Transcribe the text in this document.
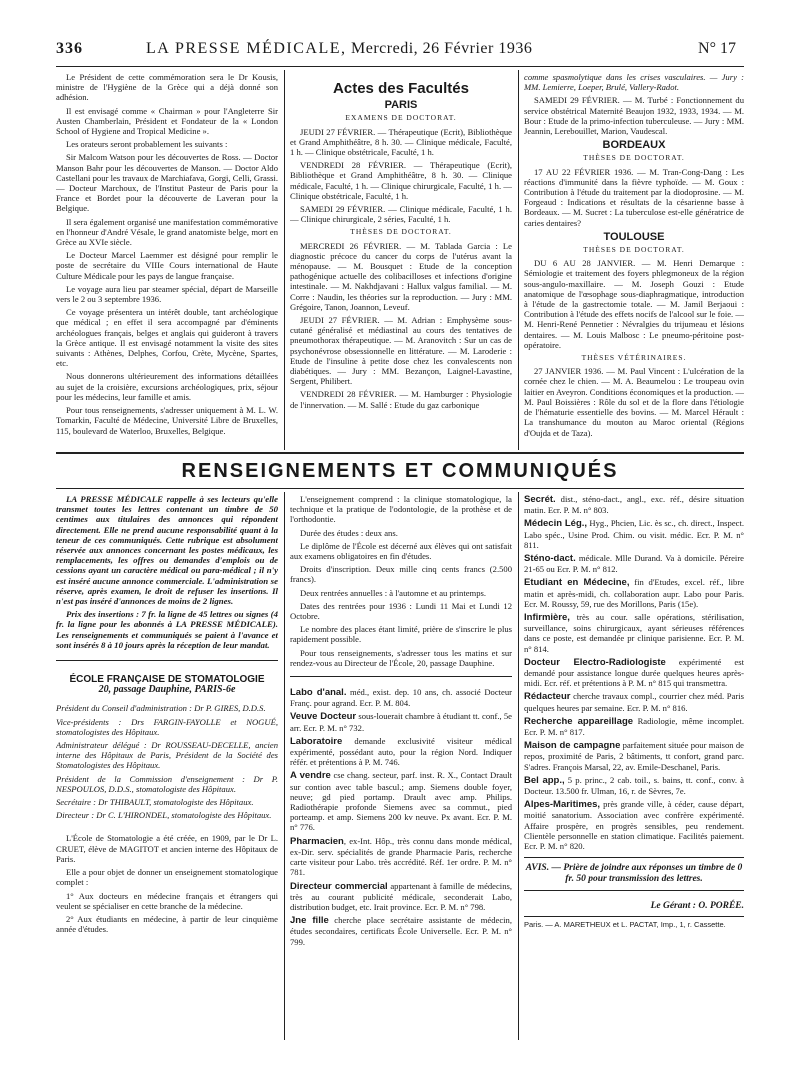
336	LA PRESSE MÉDICALE, Mercredi, 26 Février 1936	N° 17

Le Président de cette commémoration sera le Dr Kousis, ministre de l'Hygiène de la Grèce qui a déjà donné son adhésion.

Il est envisagé comme « Chairman » pour l'Angleterre Sir Austen Chamberlain, Président et Fondateur de la « London School of Hygiene and Tropical Medicine ».

Les orateurs seront probablement les suivants :

Sir Malcom Watson pour les découvertes de Ross. — Doctor Manson Bahr pour les découvertes de Manson. — Doctor Aldo Castellani pour les travaux de Marchiafava, Gorgi, Celli, Grassi. — Docteur Marchoux, de l'Institut Pasteur de Paris pour la France et Bordet pour la découverte de Laveran pour la Belgique.

Il sera également organisé une manifestation commémorative en l'honneur d'André Vésale, le grand anatomiste belge, mort en Grèce au XVIe siècle.

Le Docteur Marcel Laemmer est désigné pour remplir le poste de secrétaire du VIIIe Cours international de Haute Culture Médicale pour les pays de langue française.

Le voyage aura lieu par steamer spécial, départ de Marseille vers le 2 ou 3 septembre 1936.

Ce voyage présentera un intérêt double, tant archéologique que médical ; en effet il sera accompagné par d'éminents archéologues français, belges et anglais qui guideront à travers la Grèce antique. Il est envisagé notamment la visite des sites suivants : Athènes, Delphes, Corfou, Crète, Mycène, Spartes, etc.

Nous donnerons ultérieurement des informations détaillées au sujet de la croisière, excursions archéologiques, prix, séjour pour les médecins, leur famille et amis.

Pour tous renseignements, s'adresser uniquement à M. L. W. Tomarkin, Faculté de Médecine, Université Libre de Bruxelles, 115, boulevard de Waterloo, Bruxelles, Belgique.

Actes des Facultés
PARIS
EXAMENS DE DOCTORAT.

JEUDI 27 FÉVRIER. — Thérapeutique (Ecrit), Bibliothèque et Grand Amphithéâtre, 8 h. 30. — Clinique médicale, Faculté, 1 h. — Clinique obstétricale, Faculté, 1 h.

VENDREDI 28 FÉVRIER. — Thérapeutique (Ecrit), Bibliothèque et Grand Amphithéâtre, 8 h. 30. — Clinique médicale, Faculté, 1 h. — Clinique chirurgicale, Faculté, 1 h. — Clinique obstétricale, Faculté, 1 h.

SAMEDI 29 FÉVRIER. — Clinique médicale, Faculté, 1 h. — Clinique chirurgicale, 2 séries, Faculté, 1 h.

THÈSES DE DOCTORAT.

MERCREDI 26 FÉVRIER. — M. Tablada Garcia : Le diagnostic précoce du cancer du corps de l'utérus avant la ménopause. — M. Bousquet : Etude de la conception pathogénique actuelle des colibacilloses et infections d'origine intestinale. — M. Nakhdjavani : Hallux valgus familial. — M. Corre : Naudin, les théories sur la reproduction. — Jury : MM. Grégoire, Tanon, Joannon, Leveuf.

JEUDI 27 FÉVRIER. — M. Adrian : Emphysème sous-cutané généralisé et médiastinal au cours des tentatives de pneumothorax thérapeutique. — M. Aranovitch : Sur un cas de psychonévrose obsessionnelle en littérature. — M. Laroderie : Etude de l'insuline à petite dose chez les convalescents non diabétiques. — Jury : MM. Bezançon, Laignel-Lavastine, Sergent, Philibert.

VENDREDI 28 FÉVRIER. — M. Hamburger : Physiologie de l'innervation. — M. Sallé : Etude du gaz carbonique

comme spasmolytique dans les crises vasculaires. — Jury : MM. Lemierre, Loeper, Brulé, Vallery-Radot.

SAMEDI 29 FÉVRIER. — M. Turbé : Fonctionnement du service obstétrical Maternité Beaujon 1932, 1933, 1934. — M. Bour : Etude de la primo-infection tuberculeuse. — Jury : MM. Jeannin, Lerebouillet, Marion, Vaudescal.

BORDEAUX
THÈSES DE DOCTORAT.

17 AU 22 FÉVRIER 1936. — M. Tran-Cong-Dang : Les réactions d'immunité dans la fièvre typhoïde. — M. Goux : Contribution à l'étude du traitement par la diodoprosine. — M. Forgeaud : Indications et résultats de la césarienne basse à Bordeaux. — M. Sucret : La tuberculose est-elle génératrice de caries dentaires?

TOULOUSE
THÈSES DE DOCTORAT.

DU 6 AU 28 JANVIER. — M. Henri Demarque : Sémiologie et traitement des foyers phlegmoneux de la région sous-angulo-maxillaire. — M. Joseph Gouzi : Etude anatomique de l'œsophage sous-diaphragmatique, introduction à l'étude de la gastrectomie totale. — M. Jamil Berjaoui : Contribution à l'étude des effets nocifs de l'alcool sur le foie. — M. Henri-René Pennetier : Névralgies du trijumeau et lésions dentaires. — M. Louis Malbosc : Le pneumo-péritoine post-opératoire.

THÈSES VÉTÉRINAIRES.

27 JANVIER 1936. — M. Paul Vincent : L'ulcération de la cornée chez le chien. — M. A. Beaumelou : Le troupeau ovin laitier en Aveyron. Conditions économiques et la production. — M. Paul Boissières : Rôle du sol et de la flore dans l'étiologie de l'hématurie essentielle des bovins. — M. Marcel Hérault : La transhumance du mouton au Maroc oriental (Régions d'Oujda et de Taza).

RENSEIGNEMENTS ET COMMUNIQUÉS

LA PRESSE MÉDICALE rappelle à ses lecteurs qu'elle transmet toutes les lettres contenant un timbre de 50 centimes aux titulaires des annonces qui répondent directement. Elle ne prend aucune responsabilité quant à la teneur de ces communiqués. Cette rubrique est absolument réservée aux annonces concernant les postes médicaux, les remplacements, les offres ou demandes d'emplois ou de cessions ayant un caractère médical ou para-médical ; il n'y est inséré aucune annonce commerciale. L'administration se réserve, après examen, le droit de refuser les insertions. Il n'est pas inséré d'annonces de moins de 2 lignes.

Prix des insertions : 7 fr. la ligne de 45 lettres ou signes (4 fr. la ligne pour les abonnés à LA PRESSE MÉDICALE). Les renseignements et communiqués se paient à l'avance et sont insérés 8 à 10 jours après la réception de leur mandat.

ÉCOLE FRANÇAISE DE STOMATOLOGIE
20, passage Dauphine, PARIS-6e

Président du Conseil d'administration : Dr P. GIRES, D.D.S.

Vice-présidents : Drs FARGIN-FAYOLLE et NOGUÉ, stomatologistes des Hôpitaux.

Administrateur délégué : Dr ROUSSEAU-DECELLE, ancien interne des Hôpitaux de Paris, Président de la Société des Stomatologistes des Hôpitaux.

Président de la Commission d'enseignement : Dr P. NESPOULOS, D.D.S., stomatologiste des Hôpitaux.

Secrétaire : Dr THIBAULT, stomatologiste des Hôpitaux.

Directeur : Dr C. L'HIRONDEL, stomatologiste des Hôpitaux.

L'École de Stomatologie a été créée, en 1909, par le Dr L. CRUET, élève de MAGITOT et ancien interne des Hôpitaux de Paris.

Elle a pour objet de donner un enseignement stomatologique complet :

1° Aux docteurs en médecine français et étrangers qui veulent se spécialiser en cette branche de la médecine.

2° Aux étudiants en médecine, à partir de leur cinquième année d'études.

L'enseignement comprend : la clinique stomatologique, la technique et la pratique de l'odontologie, de la prothèse et de l'orthodontie.

Durée des études : deux ans.

Le diplôme de l'École est décerné aux élèves qui ont satisfait aux examens obligatoires en fin d'études.

Droits d'inscription. Deux mille cinq cents francs (2.500 francs).

Deux rentrées annuelles : à l'automne et au printemps.

Dates des rentrées pour 1936 : Lundi 11 Mai et Lundi 12 Octobre.

Le nombre des places étant limité, prière de s'inscrire le plus rapidement possible.

Pour tous renseignements, s'adresser tous les matins et sur rendez-vous au Directeur de l'École, 20, passage Dauphine.

Labo d'anal. méd., exist. dep. 10 ans, ch. associé Docteur Franç. pour agrand. Ecr. P. M. 804.

Veuve Docteur sous-louerait chambre à étudiant tt. conf., 5e arr. Ecr. P. M. n° 732.

Laboratoire demande exclusivité visiteur médical expérimenté, possédant auto, pour la région Nord. Indiquer référ. et prétentions à P. M. 746.

A vendre cse chang. secteur, parf. inst. R. X., Contact Drault sur contion avec table bascul.; amp. Siemens double foyer, neuve; gd pied portamp. Drault avec amp. Philips. Radiothérapie profonde Siemens avec sa commut., pied porteamp. et amp. Siemens 200 kv neuve. Px avant. Ecr. P. M. n° 776.

Pharmacien, ex-Int. Hôp., très connu dans monde médical, ex-Dir. serv. spécialités de grande Pharmacie Paris, recherche carte visiteur pour Labo. très accrédité. Réf. 1er ordre. P. M. n° 781.

Directeur commercial appartenant à famille de médecins, très au courant publicité médicale, seconderait Labo, distribution budget, etc. Irait province. Ecr. P. M. n° 798.

Jne fille cherche place secrétaire assistante de médecin, études secondaires, certificats École Universelle. Ecr. P. M. n° 799.

Secrét. dist., sténo-dact., angl., exc. réf., désire situation matin. Ecr. P. M. n° 803.

Médecin Lég., Hyg., Phcien, Lic. ès sc., ch. direct., Inspect. Labo spéc., Usine Prod. Chim. ou visit. médic. Ecr. P. M. n° 811.

Sténo-dact. médicale. Mlle Durand. Va à domicile. Péreire 21-65 ou Ecr. P. M. n° 812.

Etudiant en Médecine, fin d'Etudes, excel. réf., libre matin et après-midi, ch. collaboration aupr. Labo pour Paris. Ecr. M. Roussy, 59, rue des Morillons, Paris (15e).

Infirmière, très au cour. salle opérations, stérilisation, surveillance, soins chirurgicaux, ayant sérieuses références dans ce poste, est demandée pr clinique parisienne. Ecr. P. M. n° 814.

Docteur Electro-Radiologiste expérimenté est demandé pour assistance longue durée quelques heures après-midi. Ecr. réf. et prétentions à P. M. n° 815 qui transmettra.

Rédacteur cherche travaux compl., courrier chez méd. Paris quelques heures par semaine. Ecr. P. M. n° 816.

Recherche appareillage Radiologie, même incomplet. Ecr. P. M. n° 817.

Maison de campagne parfaitement située pour maison de repos, proximité de Paris, 2 bâtiments, tt confort, grand parc. S'adres. François Marsal, 22, av. Emile-Deschanel, Paris.

Bel app., 5 p. princ., 2 cab. toil., s. bains, tt. conf., conv. à Docteur. 13.500 fr. Ulman, 16, r. de Sèvres, 7e.

Alpes-Maritimes, près grande ville, à céder, cause départ, moitié sanatorium. Association avec confrère expérimenté. Affaire prospère, en progrès sensibles, peu rendement. Clientèle personnelle en station climatique. Facilités paiement. Ecr. P. M. n° 820.

AVIS. — Prière de joindre aux réponses un timbre de 0 fr. 50 pour transmission des lettres.
Le Gérant : O. PORÉE.
Paris. — A. MARETHEUX et L. PACTAT, Imp., 1, r. Cassette.
